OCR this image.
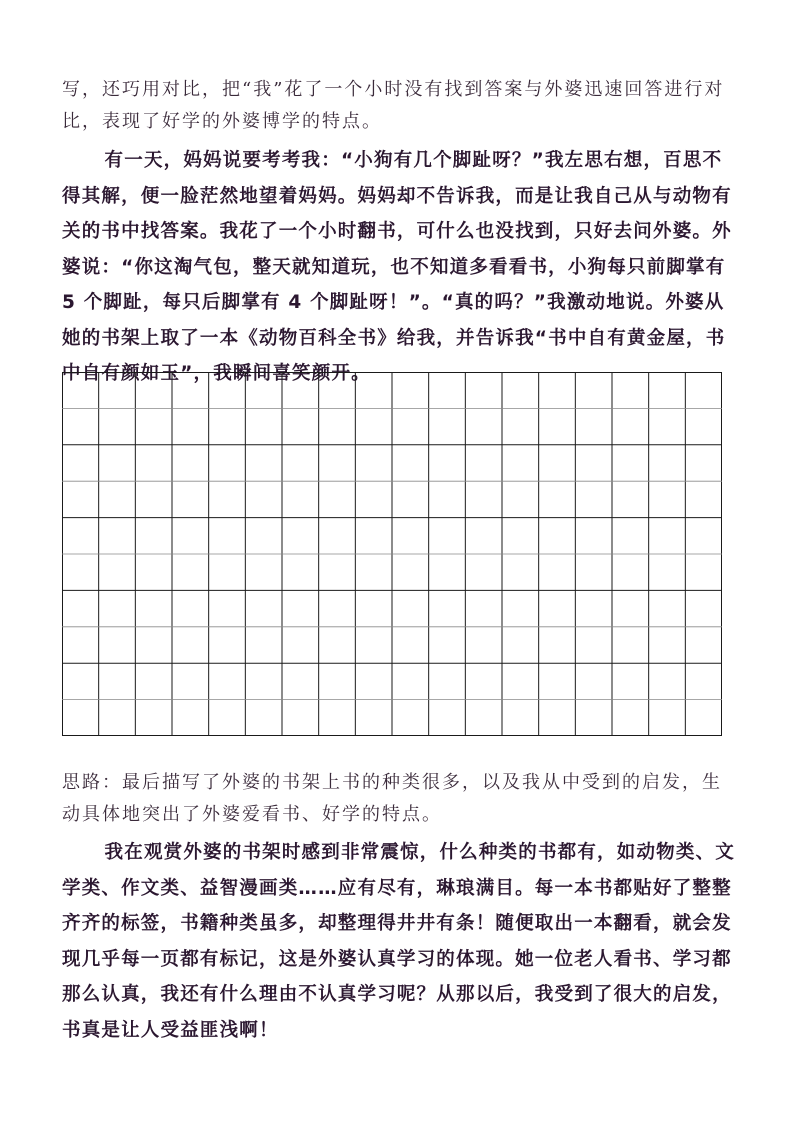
写，还巧用对比，把“我”花了一个小时没有找到答案与外婆迅速回答进行对比，表现了好学的外婆博学的特点。

有一天，妈妈说要考考我：“小狗有几个脚趾呀？”我左思右想，百思不得其解，便一脸茫然地望着妈妈。妈妈却不告诉我，而是让我自己从与动物有关的书中找答案。我花了一个小时翻书，可什么也没找到，只好去问外婆。外婆说：“你这淘气包，整天就知道玩，也不知道多看看书，小狗每只前脚掌有 5 个脚趾，每只后脚掌有 4 个脚趾呀！”。“真的吗？”我激动地说。外婆从她的书架上取了一本《动物百科全书》给我，并告诉我“书中自有黄金屋，书中自有颜如玉”，我瞬间喜笑颜开。

思路：最后描写了外婆的书架上书的种类很多，以及我从中受到的启发，生动具体地突出了外婆爱看书、好学的特点。

我在观赏外婆的书架时感到非常震惊，什么种类的书都有，如动物类、文学类、作文类、益智漫画类……应有尽有，琳琅满目。每一本书都贴好了整整齐齐的标签，书籍种类虽多，却整理得井井有条！随便取出一本翻看，就会发现几乎每一页都有标记，这是外婆认真学习的体现。她一位老人看书、学习都那么认真，我还有什么理由不认真学习呢？从那以后，我受到了很大的启发，书真是让人受益匪浅啊！
